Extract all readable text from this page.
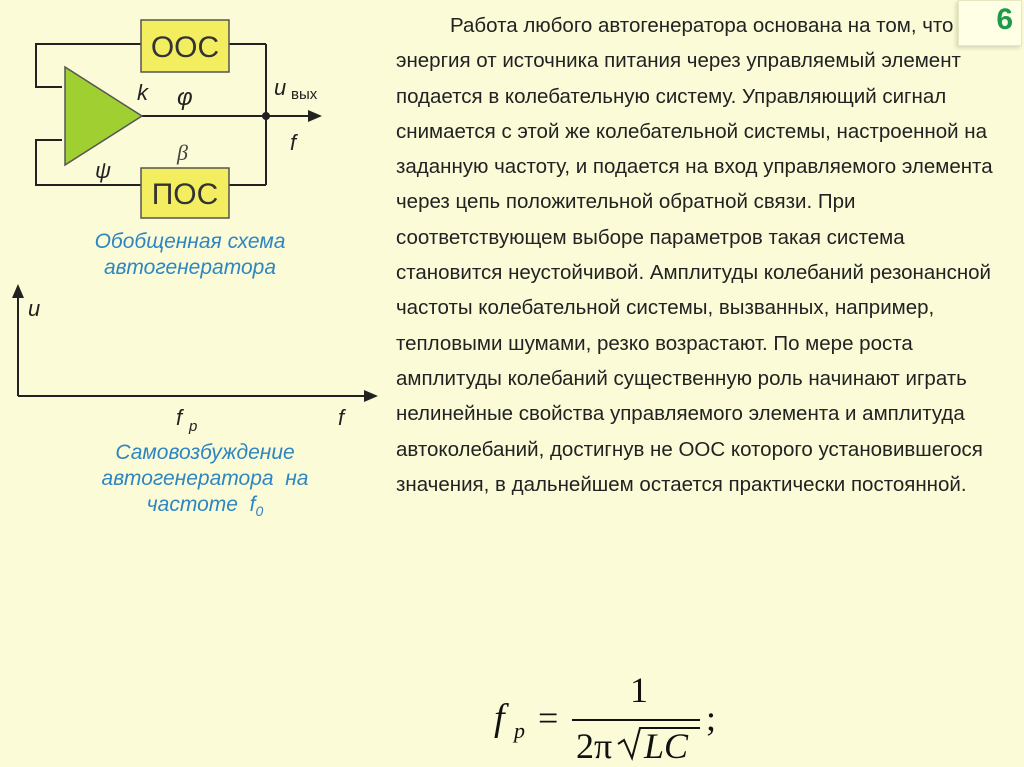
ООС
ПОС
k φ
β
ψ
u вых
f
u
f
f р
Обобщенная схема
автогенератора
Самовозбуждение
автогенератора  на
частоте  $f_0$
6

Работа любого автогенератора основана на том, что энергия от источника питания через управляемый элемент подается в колебательную систему. Управляющий сигнал снимается с этой же колебательной системы, настроенной на заданную частоту, и подается на вход управляемого элемента через цепь положительной обратной связи. При соответствующем выборе параметров такая система становится неустойчивой. Амплитуды колебаний резонансной частоты колебательной системы, вызванных, например, тепловыми шумами, резко возрастают. По мере роста амплитуды колебаний существенную роль начинают играть нелинейные свойства управляемого элемента и амплитуда автоколебаний, достигнув не ООС которого установившегося значения, в дальнейшем остается практически постоянной.

f р =
1
2π LC
;
